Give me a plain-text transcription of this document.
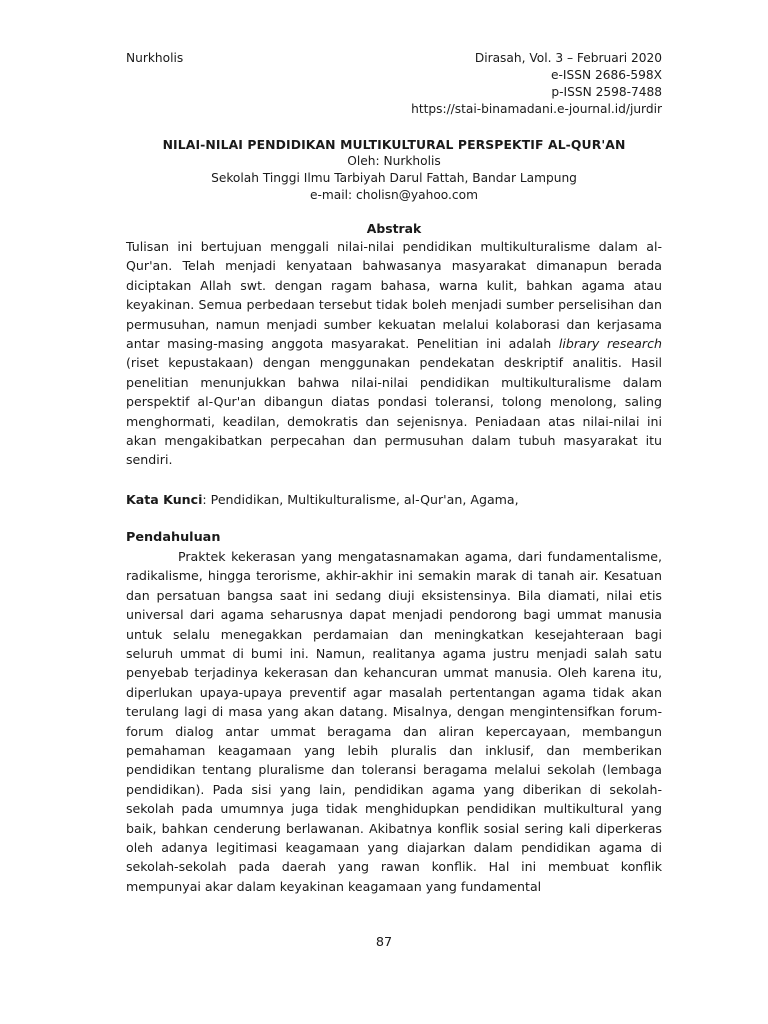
Nurkholis	Dirasah, Vol. 3 – Februari 2020
e-ISSN 2686-598X
p-ISSN 2598-7488
https://stai-binamadani.e-journal.id/jurdir
NILAI-NILAI PENDIDIKAN MULTIKULTURAL PERSPEKTIF AL-QUR'AN
Oleh: Nurkholis
Sekolah Tinggi Ilmu Tarbiyah Darul Fattah, Bandar Lampung
e-mail: cholisn@yahoo.com
Abstrak

Tulisan ini bertujuan menggali nilai-nilai pendidikan multikulturalisme dalam al-Qur'an. Telah menjadi kenyataan bahwasanya masyarakat dimanapun berada diciptakan Allah swt. dengan ragam bahasa, warna kulit, bahkan agama atau keyakinan. Semua perbedaan tersebut tidak boleh menjadi sumber perselisihan dan permusuhan, namun menjadi sumber kekuatan melalui kolaborasi dan kerjasama antar masing-masing anggota masyarakat. Penelitian ini adalah library research (riset kepustakaan) dengan menggunakan pendekatan deskriptif analitis. Hasil penelitian menunjukkan bahwa nilai-nilai pendidikan multikulturalisme dalam perspektif al-Qur'an dibangun diatas pondasi toleransi, tolong menolong, saling menghormati, keadilan, demokratis dan sejenisnya. Peniadaan atas nilai-nilai ini akan mengakibatkan perpecahan dan permusuhan dalam tubuh masyarakat itu sendiri.

Kata Kunci: Pendidikan, Multikulturalisme, al-Qur'an, Agama,
Pendahuluan

Praktek kekerasan yang mengatasnamakan agama, dari fundamentalisme, radikalisme, hingga terorisme, akhir-akhir ini semakin marak di tanah air. Kesatuan dan persatuan bangsa saat ini sedang diuji eksistensinya. Bila diamati, nilai etis universal dari agama seharusnya dapat menjadi pendorong bagi ummat manusia untuk selalu menegakkan perdamaian dan meningkatkan kesejahteraan bagi seluruh ummat di bumi ini. Namun, realitanya agama justru menjadi salah satu penyebab terjadinya kekerasan dan kehancuran ummat manusia. Oleh karena itu, diperlukan upaya-upaya preventif agar masalah pertentangan agama tidak akan terulang lagi di masa yang akan datang. Misalnya, dengan mengintensifkan forum-forum dialog antar ummat beragama dan aliran kepercayaan, membangun pemahaman keagamaan yang lebih pluralis dan inklusif, dan memberikan pendidikan tentang pluralisme dan toleransi beragama melalui sekolah (lembaga pendidikan). Pada sisi yang lain, pendidikan agama yang diberikan di sekolah-sekolah pada umumnya juga tidak menghidupkan pendidikan multikultural yang baik, bahkan cenderung berlawanan. Akibatnya konflik sosial sering kali diperkeras oleh adanya legitimasi keagamaan yang diajarkan dalam pendidikan agama di sekolah-sekolah pada daerah yang rawan konflik. Hal ini membuat konflik mempunyai akar dalam keyakinan keagamaan yang fundamental

87
